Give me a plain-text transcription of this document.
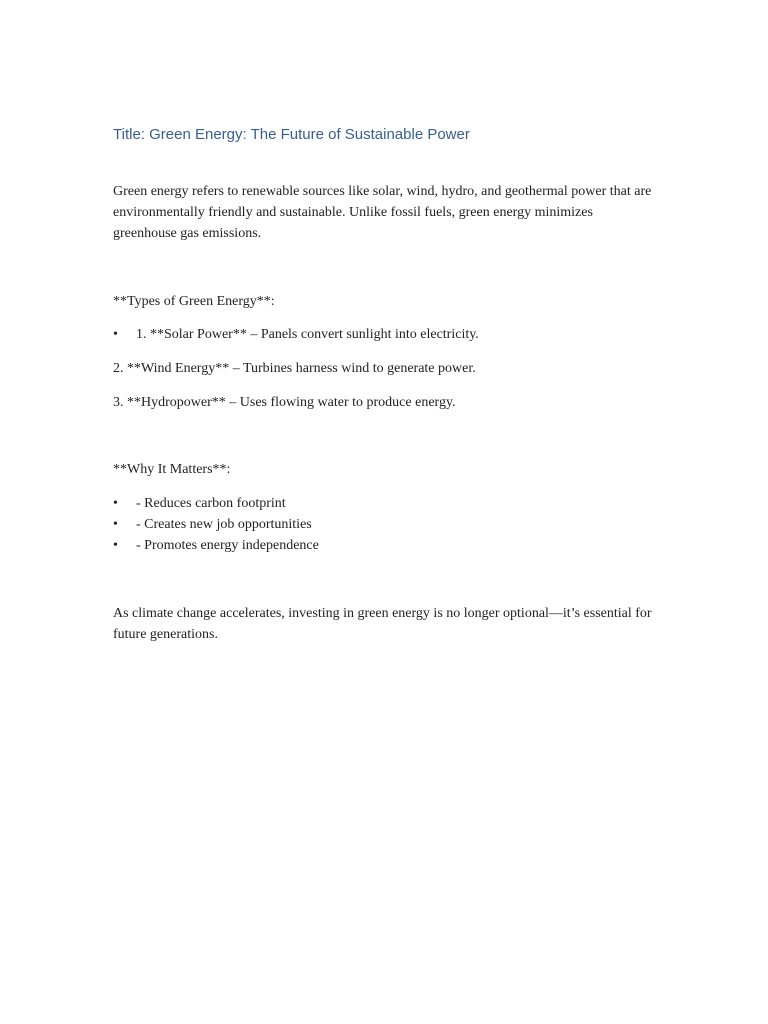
Title: Green Energy: The Future of Sustainable Power

Green energy refers to renewable sources like solar, wind, hydro, and geothermal power that are environmentally friendly and sustainable. Unlike fossil fuels, green energy minimizes greenhouse gas emissions.

**Types of Green Energy**:

• 1. **Solar Power** – Panels convert sunlight into electricity.

2. **Wind Energy** – Turbines harness wind to generate power.

3. **Hydropower** – Uses flowing water to produce energy.

**Why It Matters**:

• - Reduces carbon footprint
• - Creates new job opportunities
• - Promotes energy independence

As climate change accelerates, investing in green energy is no longer optional—it’s essential for future generations.
